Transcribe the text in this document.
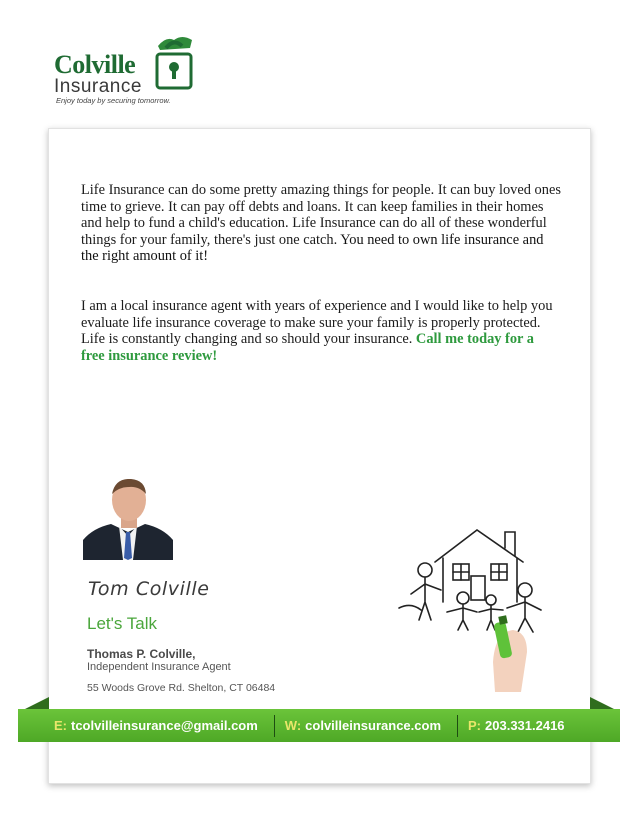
Colville
Insurance
Enjoy today by securing tomorrow.

Life Insurance can do some pretty amazing things for people. It can buy loved ones time to grieve. It can pay off debts and loans. It can keep families in their homes and help to fund a child's education. Life Insurance can do all of these wonderful things for your family, there's just one catch. You need to own life insurance and the right amount of it!

I am a local insurance agent with years of experience and I would like to help you evaluate life insurance coverage to make sure your family is properly protected. Life is constantly changing and so should your insurance. Call me today for a free insurance review!

Tom Colville
Let's Talk
Thomas P. Colville,
Independent Insurance Agent
55 Woods Grove Rd. Shelton, CT 06484
E: tcolvilleinsurance@gmail.com W: colvilleinsurance.com P: 203.331.2416
